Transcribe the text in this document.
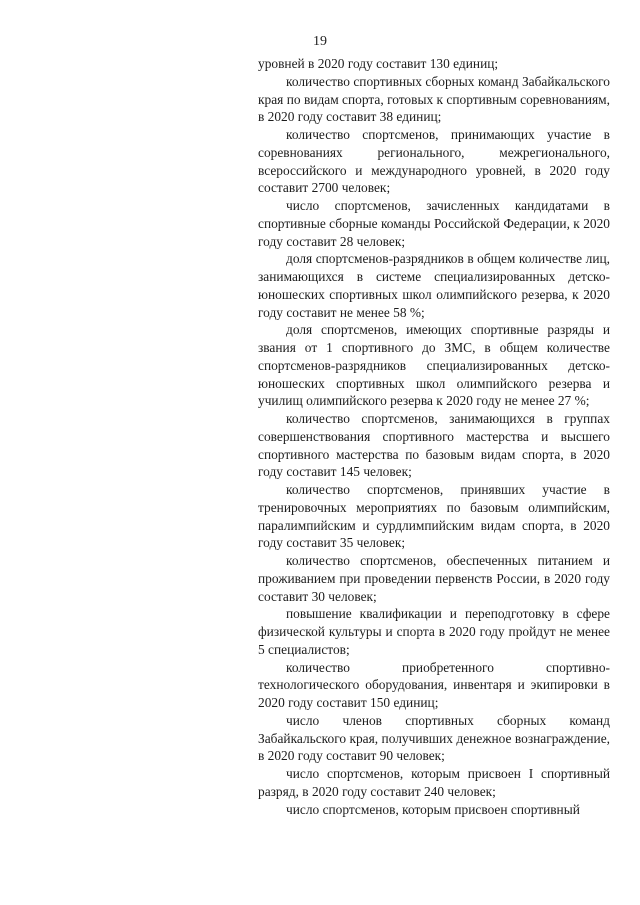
19

уровней в 2020 году составит 130 единиц;

количество спортивных сборных команд Забайкальского края по видам спорта, готовых к спортивным соревнованиям, в 2020 году составит 38 единиц;

количество спортсменов, принимающих участие в соревнованиях регионального, межрегионального, всероссийского и международного уровней, в 2020 году составит 2700 человек;

число спортсменов, зачисленных кандидатами в спортивные сборные команды Российской Федерации, к 2020 году составит 28 человек;

доля спортсменов-разрядников в общем количестве лиц, занимающихся в системе специализированных детско-юношеских спортивных школ олимпийского резерва, к 2020 году составит не менее 58 %;

доля спортсменов, имеющих спортивные разряды и звания от 1 спортивного до ЗМС, в общем количестве спортсменов-разрядников специализированных детско-юношеских спортивных школ олимпийского резерва и училищ олимпийского резерва к 2020 году не менее 27 %;

количество спортсменов, занимающихся в группах совершенствования спортивного мастерства и высшего спортивного мастерства по базовым видам спорта, в 2020 году составит 145 человек;

количество спортсменов, принявших участие в тренировочных мероприятиях по базовым олимпийским, паралимпийским и сурдлимпийским видам спорта, в 2020 году составит 35 человек;

количество спортсменов, обеспеченных питанием и проживанием при проведении первенств России, в 2020 году составит 30 человек;

повышение квалификации и переподготовку в сфере физической культуры и спорта в 2020 году пройдут не менее 5 специалистов;

количество приобретенного спортивно-технологического оборудования, инвентаря и экипировки в 2020 году составит 150 единиц;

число членов спортивных сборных команд Забайкальского края, получивших денежное вознаграждение, в 2020 году составит 90 человек;

число спортсменов, которым присвоен I спортивный разряд, в 2020 году составит 240 человек;

число спортсменов, которым присвоен спортивный
